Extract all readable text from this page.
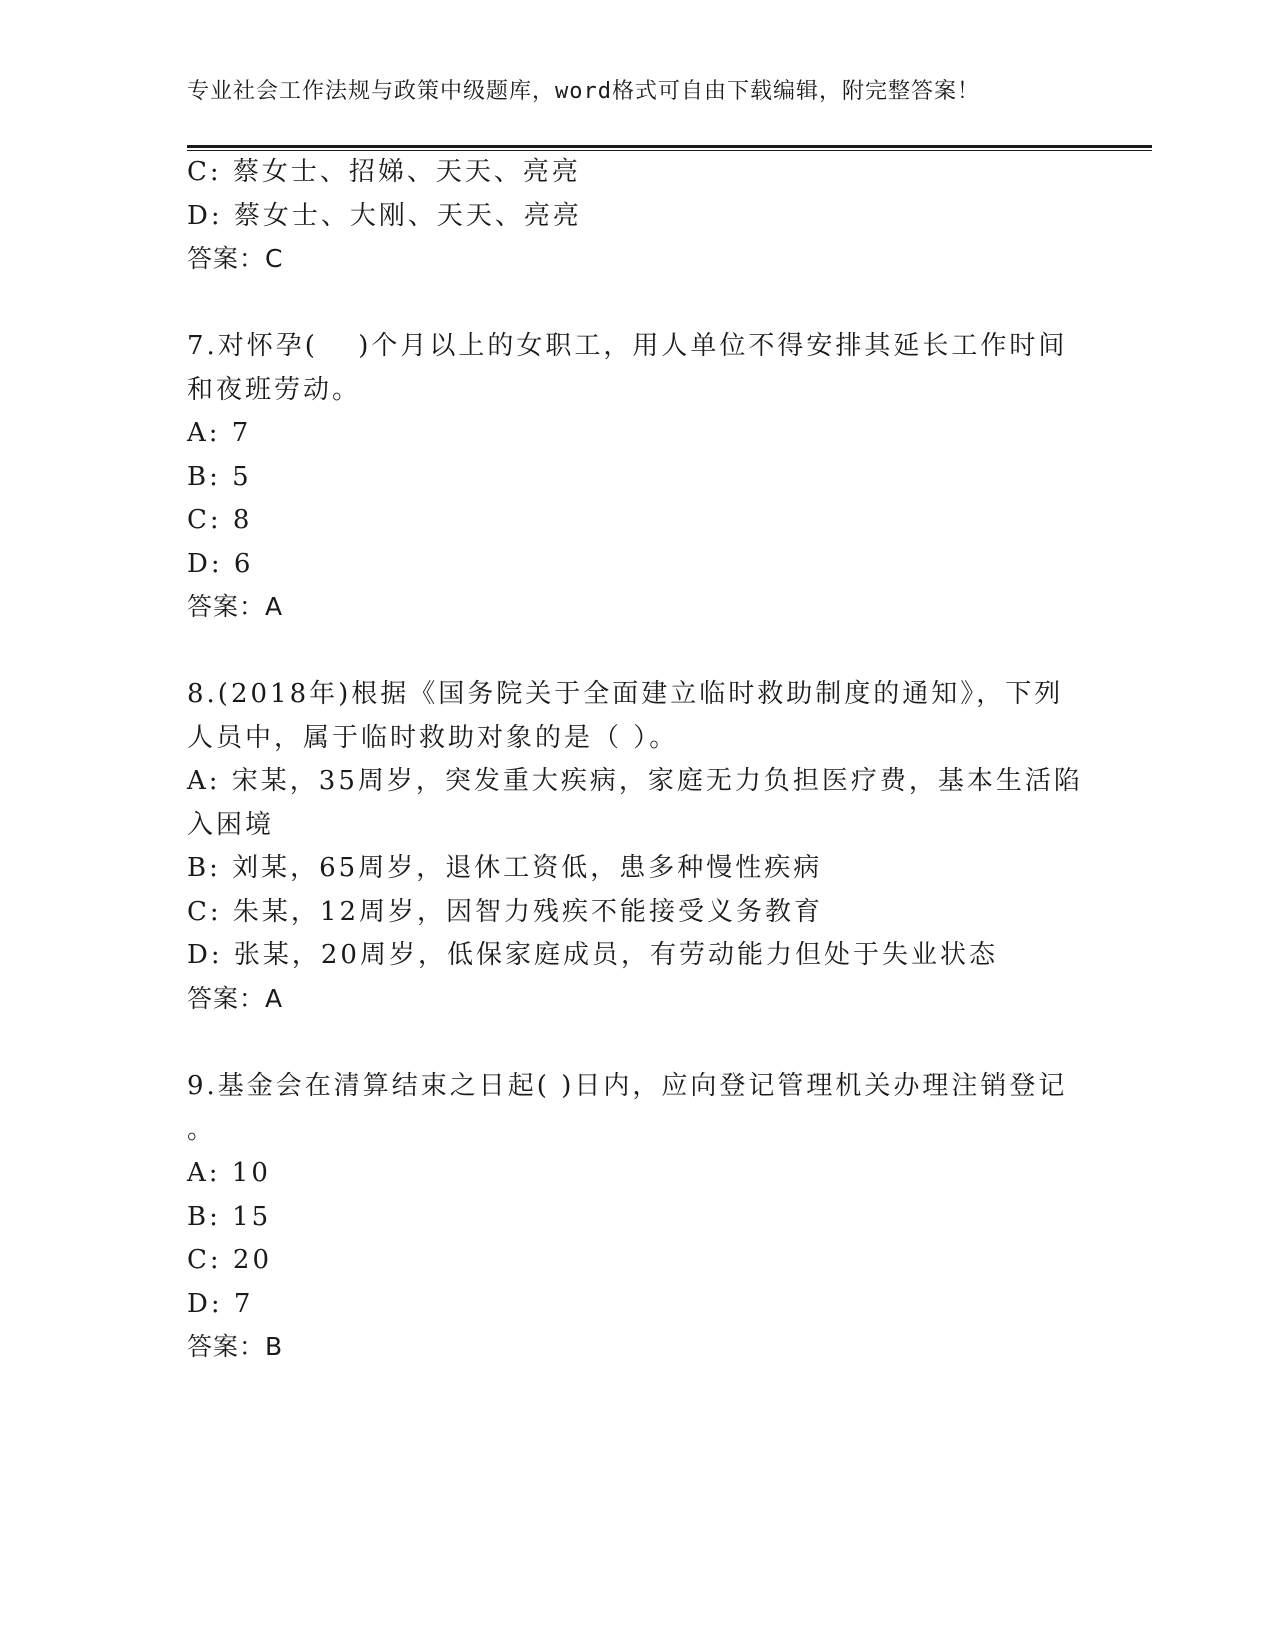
专业社会工作法规与政策中级题库，word格式可自由下载编辑，附完整答案！
C: 蔡女士、招娣、天天、亮亮
D: 蔡女士、大刚、天天、亮亮
答案：C
7.对怀孕(　 )个月以上的女职工，用人单位不得安排其延长工作时间
和夜班劳动。
A: 7
B: 5
C: 8
D: 6
答案：A
8.(2018年)根据《国务院关于全面建立临时救助制度的通知》，下列
人员中，属于临时救助对象的是（ ）。
A: 宋某，35周岁，突发重大疾病，家庭无力负担医疗费，基本生活陷
入困境
B: 刘某，65周岁，退休工资低，患多种慢性疾病
C: 朱某，12周岁，因智力残疾不能接受义务教育
D: 张某，20周岁，低保家庭成员，有劳动能力但处于失业状态
答案：A
9.基金会在清算结束之日起( )日内，应向登记管理机关办理注销登记
。
A: 10
B: 15
C: 20
D: 7
答案：B
